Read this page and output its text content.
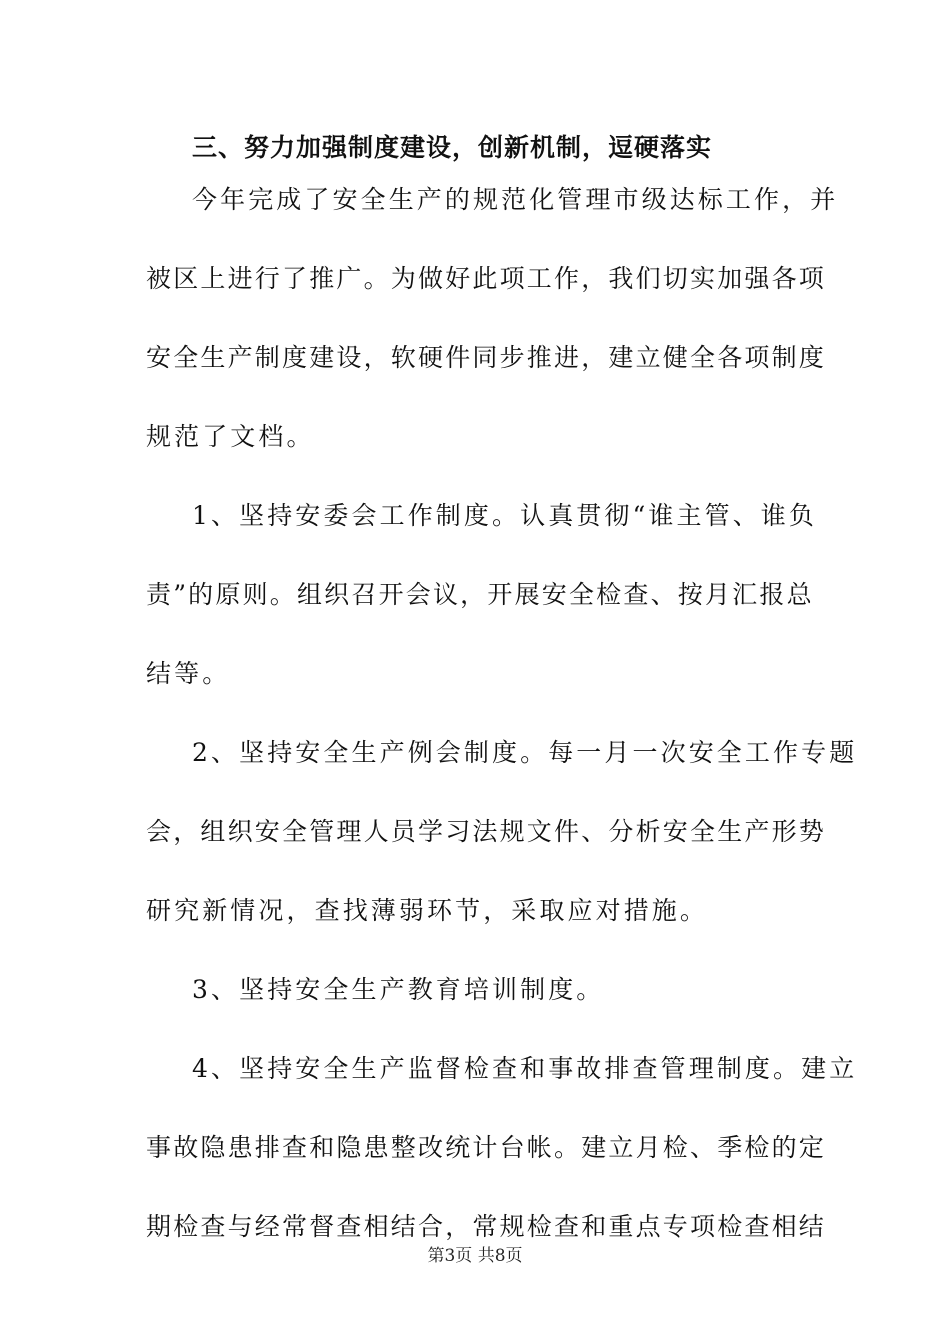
三、努力加强制度建设，创新机制，逗硬落实
今年完成了安全生产的规范化管理市级达标工作，并
被区上进行了推广。为做好此项工作，我们切实加强各项
安全生产制度建设，软硬件同步推进，建立健全各项制度
规范了文档。
1、坚持安委会工作制度。认真贯彻“谁主管、谁负
责”的原则。组织召开会议，开展安全检查、按月汇报总
结等。
2、坚持安全生产例会制度。每一月一次安全工作专题
会，组织安全管理人员学习法规文件、分析安全生产形势
研究新情况，查找薄弱环节，采取应对措施。
3、坚持安全生产教育培训制度。
4、坚持安全生产监督检查和事故排查管理制度。建立
事故隐患排查和隐患整改统计台帐。建立月检、季检的定
期检查与经常督查相结合，常规检查和重点专项检查相结
第3页 共8页
